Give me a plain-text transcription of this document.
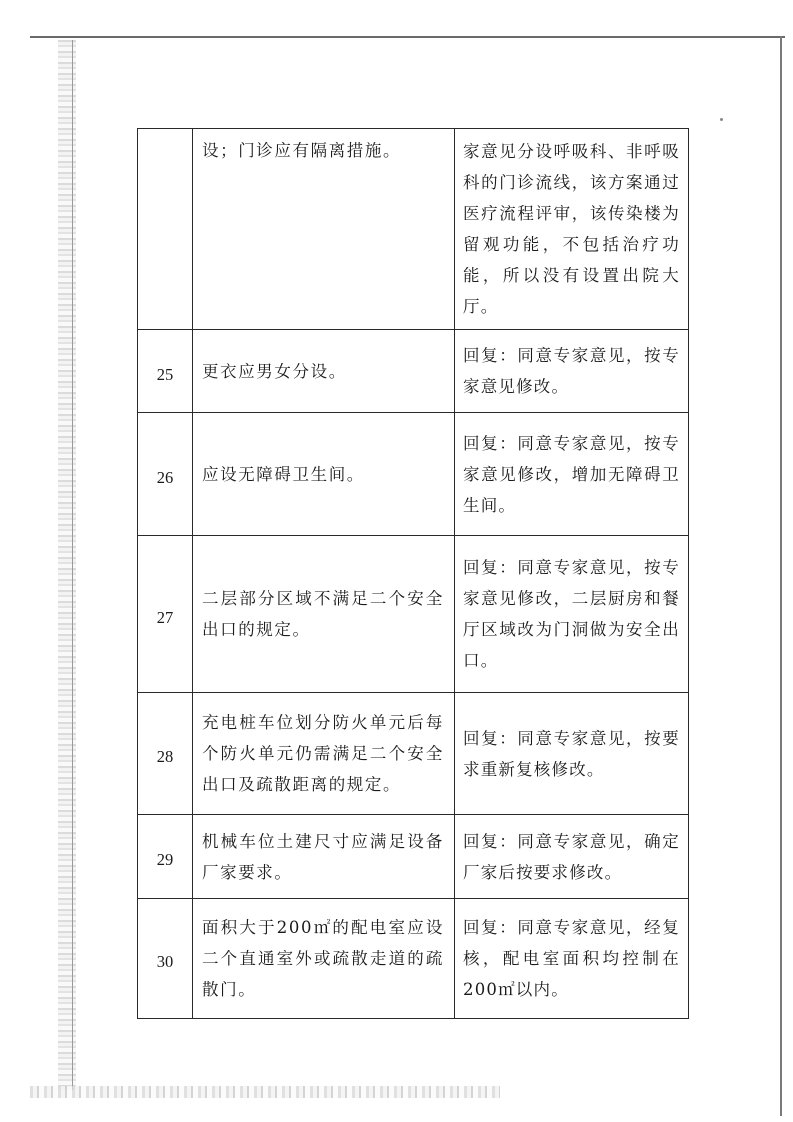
	设；门诊应有隔离措施。	家意见分设呼吸科、非呼吸科的门诊流线，该方案通过医疗流程评审，该传染楼为留观功能，不包括治疗功能，所以没有设置出院大厅。
25	更衣应男女分设。	回复：同意专家意见，按专家意见修改。
26	应设无障碍卫生间。	回复：同意专家意见，按专家意见修改，增加无障碍卫生间。
27	二层部分区域不满足二个安全出口的规定。	回复：同意专家意见，按专家意见修改，二层厨房和餐厅区域改为门洞做为安全出口。
28	充电桩车位划分防火单元后每个防火单元仍需满足二个安全出口及疏散距离的规定。	回复：同意专家意见，按要求重新复核修改。
29	机械车位土建尺寸应满足设备厂家要求。	回复：同意专家意见，确定厂家后按要求修改。
30	面积大于200㎡的配电室应设二个直通室外或疏散走道的疏散门。	回复：同意专家意见，经复核，配电室面积均控制在200㎡以内。
